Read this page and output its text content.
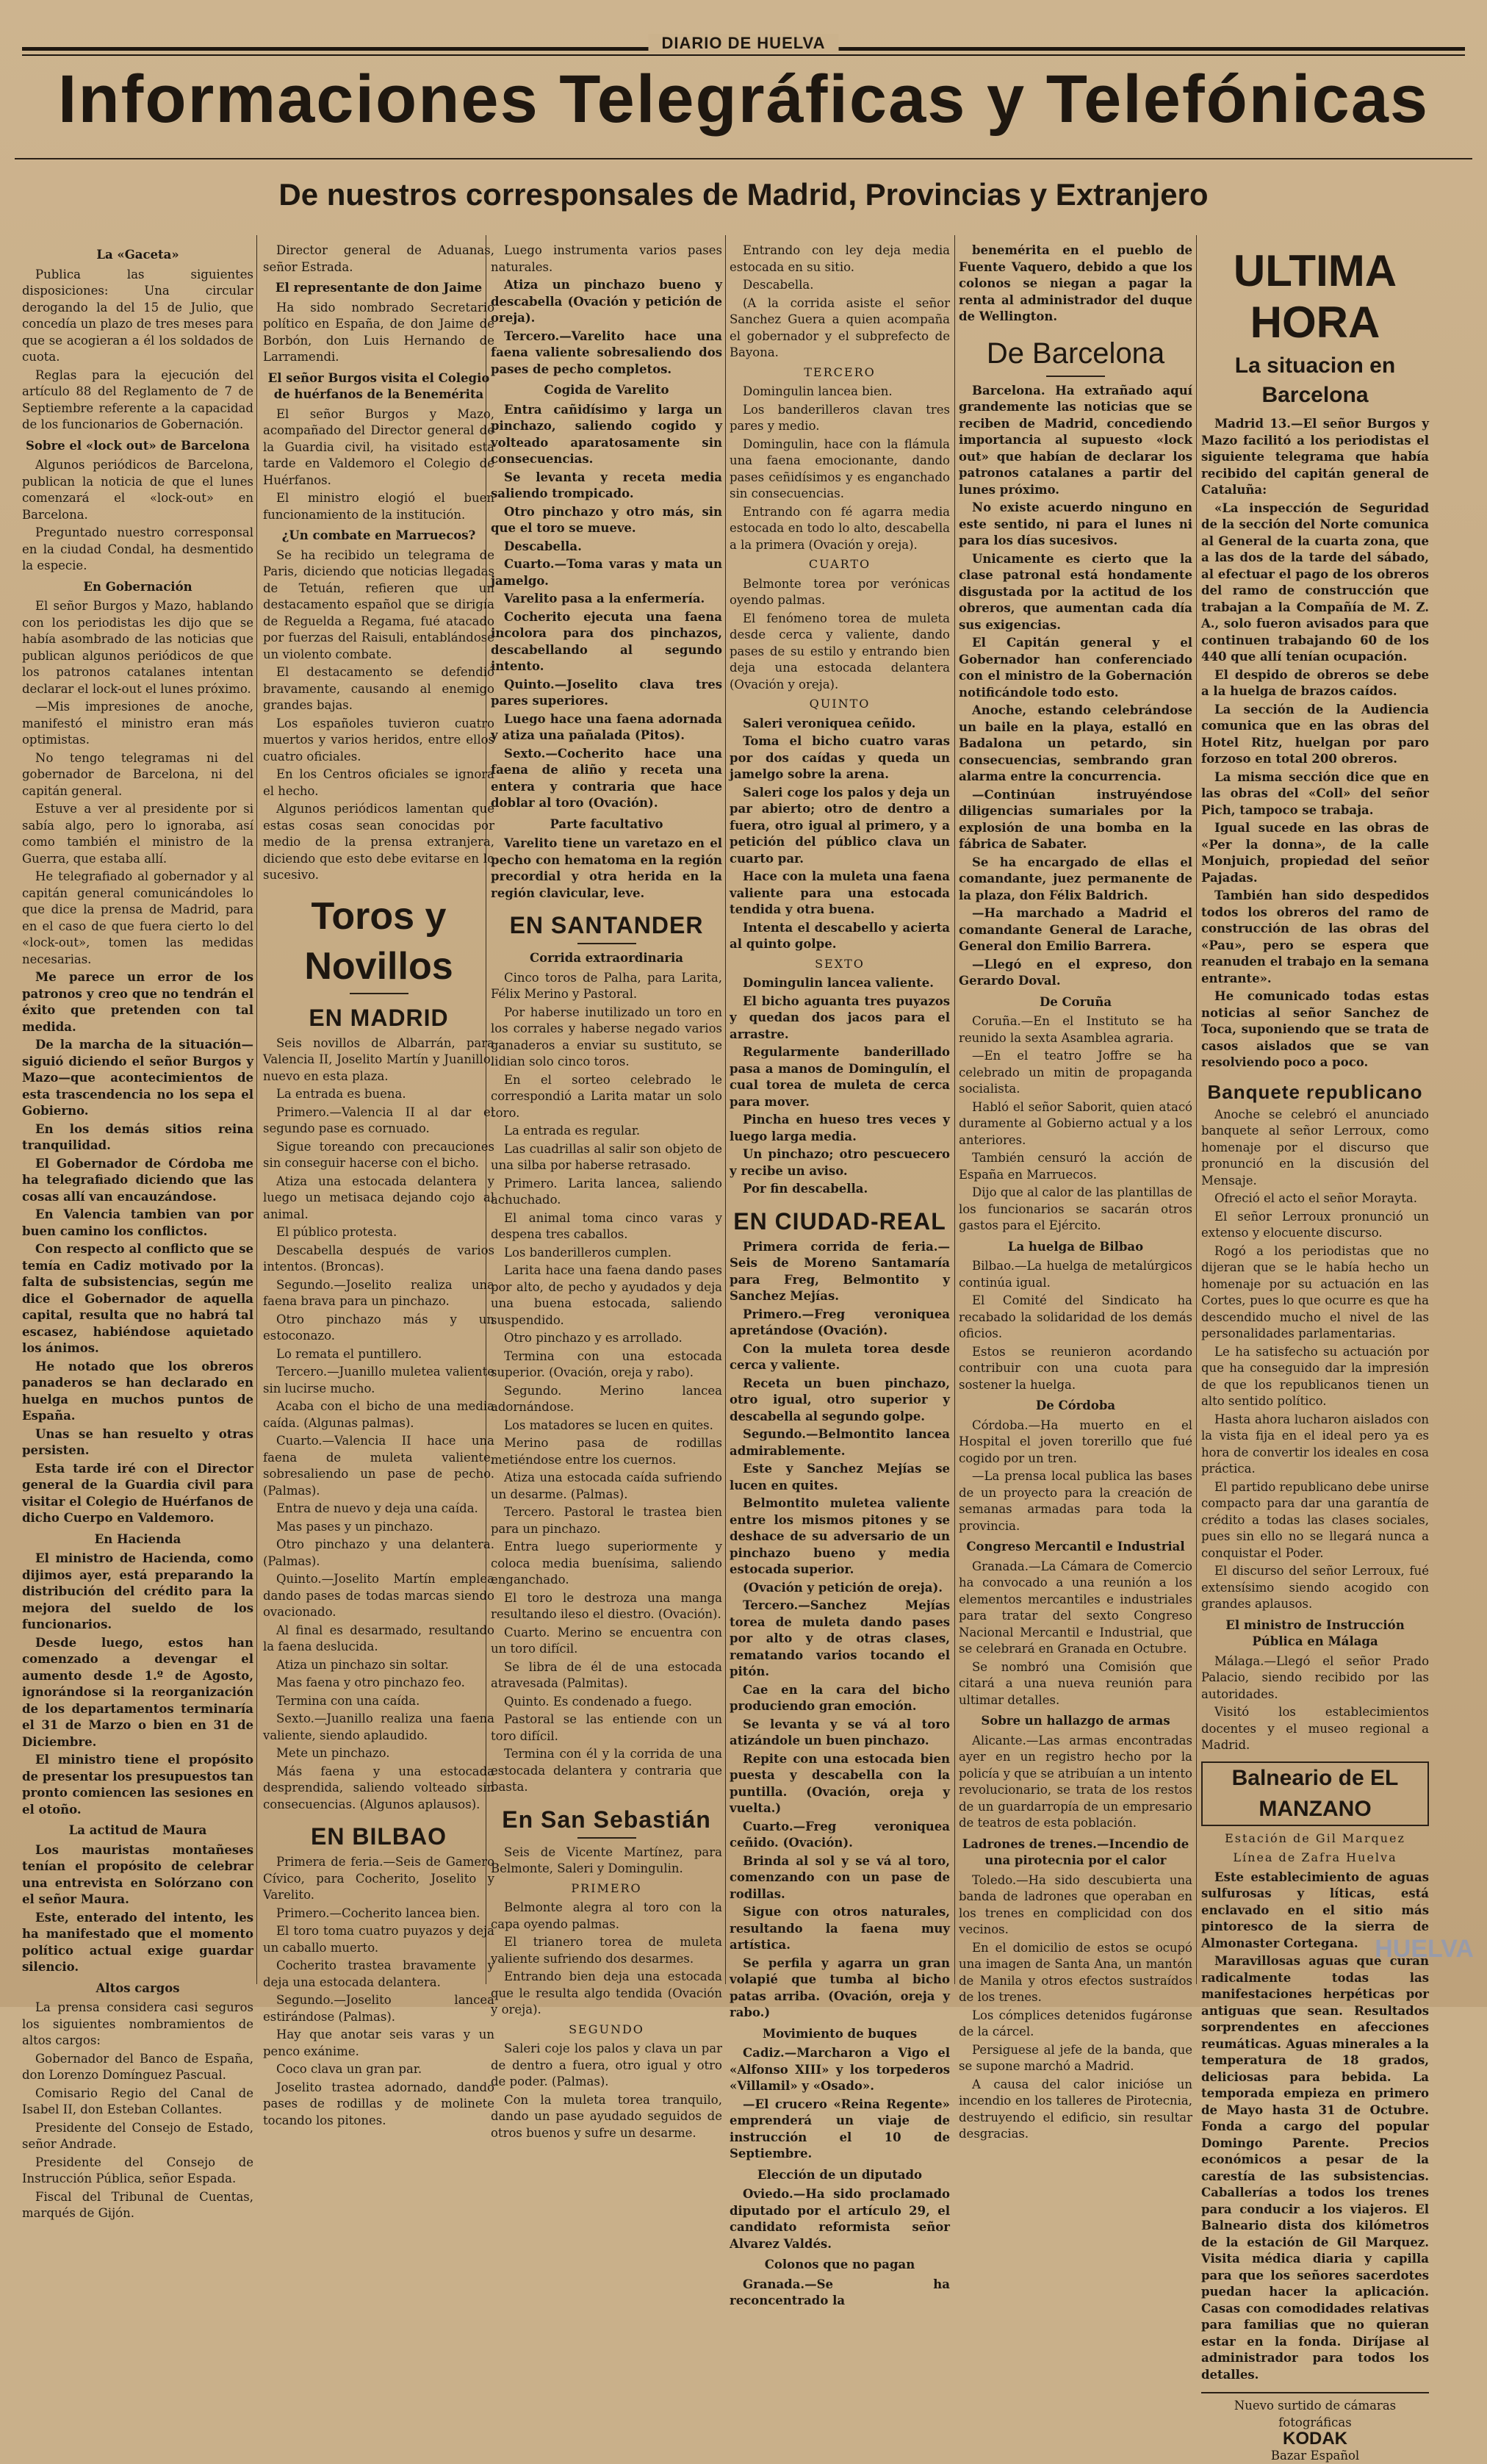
DIARIO DE HUELVA
Informaciones Telegráficas y Telefónicas
De nuestros corresponsales de Madrid, Provincias y Extranjero
La «Gaceta»

Publica las siguientes disposiciones: Una circular derogando la del 15 de Julio, que concedía un plazo de tres meses para que se acogieran a él los soldados de cuota.

Reglas para la ejecución del artículo 88 del Reglamento de 7 de Septiembre referente a la capacidad de los funcionarios de Gobernación.

Sobre el «lock out» de Barcelona

Algunos periódicos de Barcelona, publican la noticia de que el lunes comenzará el «lock-out» en Barcelona.

Preguntado nuestro corresponsal en la ciudad Condal, ha desmentido la especie.

En Gobernación

El señor Burgos y Mazo, hablando con los periodistas les dijo que se había asombrado de las noticias que publican algunos periódicos de que los patronos catalanes intentan declarar el lock-out el lunes próximo.

—Mis impresiones de anoche, manifestó el ministro eran más optimistas.

No tengo telegramas ni del gobernador de Barcelona, ni del capitán general.

Estuve a ver al presidente por si sabía algo, pero lo ignoraba, así como también el ministro de la Guerra, que estaba allí.

He telegrafiado al gobernador y al capitán general comunicándoles lo que dice la prensa de Madrid, para en el caso de que fuera cierto lo del «lock-out», tomen las medidas necesarias.

Me parece un error de los patronos y creo que no tendrán el éxito que pretenden con tal medida.

De la marcha de la situación—siguió diciendo el señor Burgos y Mazo—que acontecimientos de esta trascendencia no los sepa el Gobierno.

En los demás sitios reina tranquilidad.

El Gobernador de Córdoba me ha telegrafiado diciendo que las cosas allí van encauzándose.

En Valencia tambien van por buen camino los conflictos.

Con respecto al conflicto que se temía en Cadiz motivado por la falta de subsistencias, según me dice el Gobernador de aquella capital, resulta que no habrá tal escasez, habiéndose aquietado los ánimos.

He notado que los obreros panaderos se han declarado en huelga en muchos puntos de España.

Unas se han resuelto y otras persisten.

Esta tarde iré con el Director general de la Guardia civil para visitar el Colegio de Huérfanos de dicho Cuerpo en Valdemoro.

En Hacienda

El ministro de Hacienda, como dijimos ayer, está preparando la distribución del crédito para la mejora del sueldo de los funcionarios.

Desde luego, estos han comenzado a devengar el aumento desde 1.º de Agosto, ignorándose si la reorganización de los departamentos terminaría el 31 de Marzo o bien en 31 de Diciembre.

El ministro tiene el propósito de presentar los presupuestos tan pronto comiencen las sesiones en el otoño.

La actitud de Maura

Los mauristas montañeses tenían el propósito de celebrar una entrevista en Solórzano con el señor Maura.

Este, enterado del intento, les ha manifestado que el momento político actual exige guardar silencio.

Altos cargos

La prensa considera casi seguros los siguientes nombramientos de altos cargos:

Gobernador del Banco de España, don Lorenzo Domínguez Pascual.

Comisario Regio del Canal de Isabel II, don Esteban Collantes.

Presidente del Consejo de Estado, señor Andrade.

Presidente del Consejo de Instrucción Pública, señor Espada.

Fiscal del Tribunal de Cuentas, marqués de Gijón.

Director general de Aduanas, señor Estrada.

El representante de don Jaime

Ha sido nombrado Secretario político en España, de don Jaime de Borbón, don Luis Hernando de Larramendi.

El señor Burgos visita el Colegio de huérfanos de la Benemérita

El señor Burgos y Mazo, acompañado del Director general de la Guardia civil, ha visitado esta tarde en Valdemoro el Colegio de Huérfanos.

El ministro elogió el buen funcionamiento de la institución.

¿Un combate en Marruecos?

Se ha recibido un telegrama de Paris, diciendo que noticias llegadas de Tetuán, refieren que un destacamento español que se dirigía de Reguelda a Regama, fué atacado por fuerzas del Raisuli, entablándose un violento combate.

El destacamento se defendió bravamente, causando al enemigo grandes bajas.

Los españoles tuvieron cuatro muertos y varios heridos, entre ellos cuatro oficiales.

En los Centros oficiales se ignora el hecho.

Algunos periódicos lamentan que estas cosas sean conocidas por medio de la prensa extranjera, diciendo que esto debe evitarse en lo sucesivo.

Toros y Novillos
EN MADRID

Seis novillos de Albarrán, para Valencia II, Joselito Martín y Juanillo, nuevo en esta plaza.

La entrada es buena.

Primero.—Valencia II al dar el segundo pase es cornuado.

Sigue toreando con precauciones sin conseguir hacerse con el bicho.

Atiza una estocada delantera y luego un metisaca dejando cojo al animal.

El público protesta.

Descabella después de varios intentos. (Broncas).

Segundo.—Joselito realiza una faena brava para un pinchazo.

Otro pinchazo más y un estoconazo.

Lo remata el puntillero.

Tercero.—Juanillo muletea valiente sin lucirse mucho.

Acaba con el bicho de una media caída. (Algunas palmas).

Cuarto.—Valencia II hace una faena de muleta valiente, sobresaliendo un pase de pecho. (Palmas).

Entra de nuevo y deja una caída.

Mas pases y un pinchazo.

Otro pinchazo y una delantera. (Palmas).

Quinto.—Joselito Martín emplea dando pases de todas marcas siendo ovacionado.

Al final es desarmado, resultando la faena deslucida.

Atiza un pinchazo sin soltar.

Mas faena y otro pinchazo feo.

Termina con una caída.

Sexto.—Juanillo realiza una faena valiente, siendo aplaudido.

Mete un pinchazo.

Más faena y una estocada desprendida, saliendo volteado sin consecuencias. (Algunos aplausos).

EN BILBAO

Primera de feria.—Seis de Gamero Cívico, para Cocherito, Joselito y Varelito.

Primero.—Cocherito lancea bien.

El toro toma cuatro puyazos y deja un caballo muerto.

Cocherito trastea bravamente y deja una estocada delantera.

Segundo.—Joselito lancea estirándose (Palmas).

Hay que anotar seis varas y un penco exánime.

Coco clava un gran par.

Joselito trastea adornado, dando pases de rodillas y de molinete tocando los pitones.

Luego instrumenta varios pases naturales.

Atiza un pinchazo bueno y descabella (Ovación y petición de oreja).

Tercero.—Varelito hace una faena valiente sobresaliendo dos pases de pecho completos.

Cogida de Varelito

Entra cañidísimo y larga un pinchazo, saliendo cogido y volteado aparatosamente sin consecuencias.

Se levanta y receta media saliendo trompicado.

Otro pinchazo y otro más, sin que el toro se mueve.

Descabella.

Cuarto.—Toma varas y mata un jamelgo.

Varelito pasa a la enfermería.

Cocherito ejecuta una faena incolora para dos pinchazos, descabellando al segundo intento.

Quinto.—Joselito clava tres pares superiores.

Luego hace una faena adornada y atiza una pañalada (Pitos).

Sexto.—Cocherito hace una faena de aliño y receta una entera y contraria que hace doblar al toro (Ovación).

Parte facultativo

Varelito tiene un varetazo en el pecho con hematoma en la región precordial y otra herida en la región clavicular, leve.

EN SANTANDER
Corrida extraordinaria

Cinco toros de Palha, para Larita, Félix Merino y Pastoral.

Por haberse inutilizado un toro en los corrales y haberse negado varios ganaderos a enviar su sustituto, se lidian solo cinco toros.

En el sorteo celebrado le correspondió a Larita matar un solo toro.

La entrada es regular.

Las cuadrillas al salir son objeto de una silba por haberse retrasado.

Primero. Larita lancea, saliendo achuchado.

El animal toma cinco varas y despena tres caballos.

Los banderilleros cumplen.

Larita hace una faena dando pases por alto, de pecho y ayudados y deja una buena estocada, saliendo suspendido.

Otro pinchazo y es arrollado.

Termina con una estocada superior. (Ovación, oreja y rabo).

Segundo. Merino lancea adornándose.

Los matadores se lucen en quites.

Merino pasa de rodillas metiéndose entre los cuernos.

Atiza una estocada caída sufriendo un desarme. (Palmas).

Tercero. Pastoral le trastea bien para un pinchazo.

Entra luego superiormente y coloca media buenísima, saliendo enganchado.

El toro le destroza una manga resultando ileso el diestro. (Ovación).

Cuarto. Merino se encuentra con un toro difícil.

Se libra de él de una estocada atravesada (Palmitas).

Quinto. Es condenado a fuego.

Pastoral se las entiende con un toro difícil.

Termina con él y la corrida de una estocada delantera y contraria que basta.

En San Sebastián

Seis de Vicente Martínez, para Belmonte, Saleri y Domingulin.

PRIMERO

Belmonte alegra al toro con la capa oyendo palmas.

El trianero torea de muleta valiente sufriendo dos desarmes.

Entrando bien deja una estocada que le resulta algo tendida (Ovación y oreja).

SEGUNDO

Saleri coje los palos y clava un par de dentro a fuera, otro igual y otro de poder. (Palmas).

Con la muleta torea tranquilo, dando un pase ayudado seguidos de otros buenos y sufre un desarme.

Entrando con ley deja media estocada en su sitio.

Descabella.

(A la corrida asiste el señor Sanchez Guera a quien acompaña el gobernador y el subprefecto de Bayona.

TERCERO

Domingulin lancea bien.

Los banderilleros clavan tres pares y medio.

Domingulin, hace con la flámula una faena emocionante, dando pases ceñidísimos y es enganchado sin consecuencias.

Entrando con fé agarra media estocada en todo lo alto, descabella a la primera (Ovación y oreja).

CUARTO

Belmonte torea por verónicas oyendo palmas.

El fenómeno torea de muleta desde cerca y valiente, dando pases de su estilo y entrando bien deja una estocada delantera (Ovación y oreja).

QUINTO

Saleri veroniquea ceñido.

Toma el bicho cuatro varas por dos caídas y queda un jamelgo sobre la arena.

Saleri coge los palos y deja un par abierto; otro de dentro a fuera, otro igual al primero, y a petición del público clava un cuarto par.

Hace con la muleta una faena valiente para una estocada tendida y otra buena.

Intenta el descabello y acierta al quinto golpe.

SEXTO

Domingulin lancea valiente.

El bicho aguanta tres puyazos y quedan dos jacos para el arrastre.

Regularmente banderillado pasa a manos de Domingulín, el cual torea de muleta de cerca para mover.

Pincha en hueso tres veces y luego larga media.

Un pinchazo; otro pescuecero y recibe un aviso.

Por fin descabella.

EN CIUDAD-REAL

Primera corrida de feria.—Seis de Moreno Santamaría para Freg, Belmontito y Sanchez Mejías.

Primero.—Freg veroniquea apretándose (Ovación).

Con la muleta torea desde cerca y valiente.

Receta un buen pinchazo, otro igual, otro superior y descabella al segundo golpe.

Segundo.—Belmontito lancea admirablemente.

Este y Sanchez Mejías se lucen en quites.

Belmontito muletea valiente entre los mismos pitones y se deshace de su adversario de un pinchazo bueno y media estocada superior.

(Ovación y petición de oreja).

Tercero.—Sanchez Mejías torea de muleta dando pases por alto y de otras clases, rematando varios tocando el pitón.

Cae en la cara del bicho produciendo gran emoción.

Se levanta y se vá al toro atizándole un buen pinchazo.

Repite con una estocada bien puesta y descabella con la puntilla. (Ovación, oreja y vuelta.)

Cuarto.—Freg veroniquea ceñido. (Ovación).

Brinda al sol y se vá al toro, comenzando con un pase de rodillas.

Sigue con otros naturales, resultando la faena muy artística.

Se perfila y agarra un gran volapié que tumba al bicho patas arriba. (Ovación, oreja y rabo.)

Movimiento de buques

Cadiz.—Marcharon a Vigo el «Alfonso XIII» y los torpederos «Villamil» y «Osado».

—El crucero «Reina Regente» emprenderá un viaje de instrucción el 10 de Septiembre.

Elección de un diputado

Oviedo.—Ha sido proclamado diputado por el artículo 29, el candidato reformista señor Alvarez Valdés.

Colonos que no pagan

Granada.—Se ha reconcentrado la

benemérita en el pueblo de Fuente Vaquero, debido a que los colonos se niegan a pagar la renta al administrador del duque de Wellington.

De Barcelona

Barcelona. Ha extrañado aquí grandemente las noticias que se reciben de Madrid, concediendo importancia al supuesto «lock out» que habían de declarar los patronos catalanes a partir del lunes próximo.

No existe acuerdo ninguno en este sentido, ni para el lunes ni para los días sucesivos.

Unicamente es cierto que la clase patronal está hondamente disgustada por la actitud de los obreros, que aumentan cada día sus exigencias.

El Capitán general y el Gobernador han conferenciado con el ministro de la Gobernación notificándole todo esto.

Anoche, estando celebrándose un baile en la playa, estalló en Badalona un petardo, sin consecuencias, sembrando gran alarma entre la concurrencia.

—Continúan instruyéndose diligencias sumariales por la explosión de una bomba en la fábrica de Sabater.

Se ha encargado de ellas el comandante, juez permanente de la plaza, don Félix Baldrich.

—Ha marchado a Madrid el comandante General de Larache, General don Emilio Barrera.

—Llegó en el expreso, don Gerardo Doval.

De Coruña

Coruña.—En el Instituto se ha reunido la sexta Asamblea agraria.

—En el teatro Joffre se ha celebrado un mitin de propaganda socialista.

Habló el señor Saborit, quien atacó duramente al Gobierno actual y a los anteriores.

También censuró la acción de España en Marruecos.

Dijo que al calor de las plantillas de los funcionarios se sacarán otros gastos para el Ejército.

La huelga de Bilbao

Bilbao.—La huelga de metalúrgicos continúa igual.

El Comité del Sindicato ha recabado la solidaridad de los demás oficios.

Estos se reunieron acordando contribuir con una cuota para sostener la huelga.

De Córdoba

Córdoba.—Ha muerto en el Hospital el joven torerillo que fué cogido por un tren.

—La prensa local publica las bases de un proyecto para la creación de semanas armadas para toda la provincia.

Congreso Mercantil e Industrial

Granada.—La Cámara de Comercio ha convocado a una reunión a los elementos mercantiles e industriales para tratar del sexto Congreso Nacional Mercantil e Industrial, que se celebrará en Granada en Octubre.

Se nombró una Comisión que citará a una nueva reunión para ultimar detalles.

Sobre un hallazgo de armas

Alicante.—Las armas encontradas ayer en un registro hecho por la policía y que se atribuían a un intento revolucionario, se trata de los restos de un guardarropía de un empresario de teatros de esta población.

Ladrones de trenes.—Incendio de una pirotecnia por el calor

Toledo.—Ha sido descubierta una banda de ladrones que operaban en los trenes en complicidad con dos vecinos.

En el domicilio de estos se ocupó una imagen de Santa Ana, un mantón de Manila y otros efectos sustraídos de los trenes.

Los cómplices detenidos fugáronse de la cárcel.

Persiguese al jefe de la banda, que se supone marchó a Madrid.

A causa del calor inicióse un incendio en los talleres de Pirotecnia, destruyendo el edificio, sin resultar desgracias.

ULTIMA HORA
La situacion en Barcelona

Madrid 13.—El señor Burgos y Mazo facilitó a los periodistas el siguiente telegrama que había recibido del capitán general de Cataluña:

«La inspección de Seguridad de la sección del Norte comunica al General de la cuarta zona, que a las dos de la tarde del sábado, al efectuar el pago de los obreros del ramo de construcción que trabajan a la Compañía de M. Z. A., solo fueron avisados para que continuen trabajando 60 de los 440 que allí tenían ocupación.

El despido de obreros se debe a la huelga de brazos caídos.

La sección de la Audiencia comunica que en las obras del Hotel Ritz, huelgan por paro forzoso en total 200 obreros.

La misma sección dice que en las obras del «Coll» del señor Pich, tampoco se trabaja.

Igual sucede en las obras de «Per la donna», de la calle Monjuich, propiedad del señor Pajadas.

También han sido despedidos todos los obreros del ramo de construcción de las obras del «Pau», pero se espera que reanuden el trabajo en la semana entrante».

He comunicado todas estas noticias al señor Sanchez de Toca, suponiendo que se trata de casos aislados que se van resolviendo poco a poco.

Banquete republicano

Anoche se celebró el anunciado banquete al señor Lerroux, como homenaje por el discurso que pronunció en la discusión del Mensaje.

Ofreció el acto el señor Morayta.

El señor Lerroux pronunció un extenso y elocuente discurso.

Rogó a los periodistas que no dijeran que se le había hecho un homenaje por su actuación en las Cortes, pues lo que ocurre es que ha descendido mucho el nivel de las personalidades parlamentarias.

Le ha satisfecho su actuación por que ha conseguido dar la impresión de que los republicanos tienen un alto sentido político.

Hasta ahora lucharon aislados con la vista fija en el ideal pero ya es hora de convertir los ideales en cosa práctica.

El partido republicano debe unirse compacto para dar una garantía de crédito a todas las clases sociales, pues sin ello no se llegará nunca a conquistar el Poder.

El discurso del señor Lerroux, fué extensísimo siendo acogido con grandes aplausos.

El ministro de Instrucción Pública en Málaga

Málaga.—Llegó el señor Prado Palacio, siendo recibido por las autoridades.

Visitó los establecimientos docentes y el museo regional a Madrid.

Balneario de EL MANZANO
Estación de Gil Marquez
Línea de Zafra Huelva

Este establecimiento de aguas sulfurosas y líticas, está enclavado en el sitio más pintoresco de la sierra de Almonaster Cortegana.

Maravillosas aguas que curan radicalmente todas las manifestaciones herpéticas por antiguas que sean. Resultados sorprendentes en afecciones reumáticas. Aguas minerales a la temperatura de 18 grados, deliciosas para bebida. La temporada empieza en primero de Mayo hasta 31 de Octubre. Fonda a cargo del popular Domingo Parente. Precios económicos a pesar de la carestía de las subsistencias. Caballerías a todos los trenes para conducir a los viajeros. El Balneario dista dos kilómetros de la estación de Gil Marquez. Visita médica diaria y capilla para que los señores sacerdotes puedan hacer la aplicación. Casas con comodidades relativas para familias que no quieran estar en la fonda. Diríjase al administrador para todos los detalles.

Nuevo surtido de cámaras fotográficas
KODAK
Bazar Español
HUELVA
